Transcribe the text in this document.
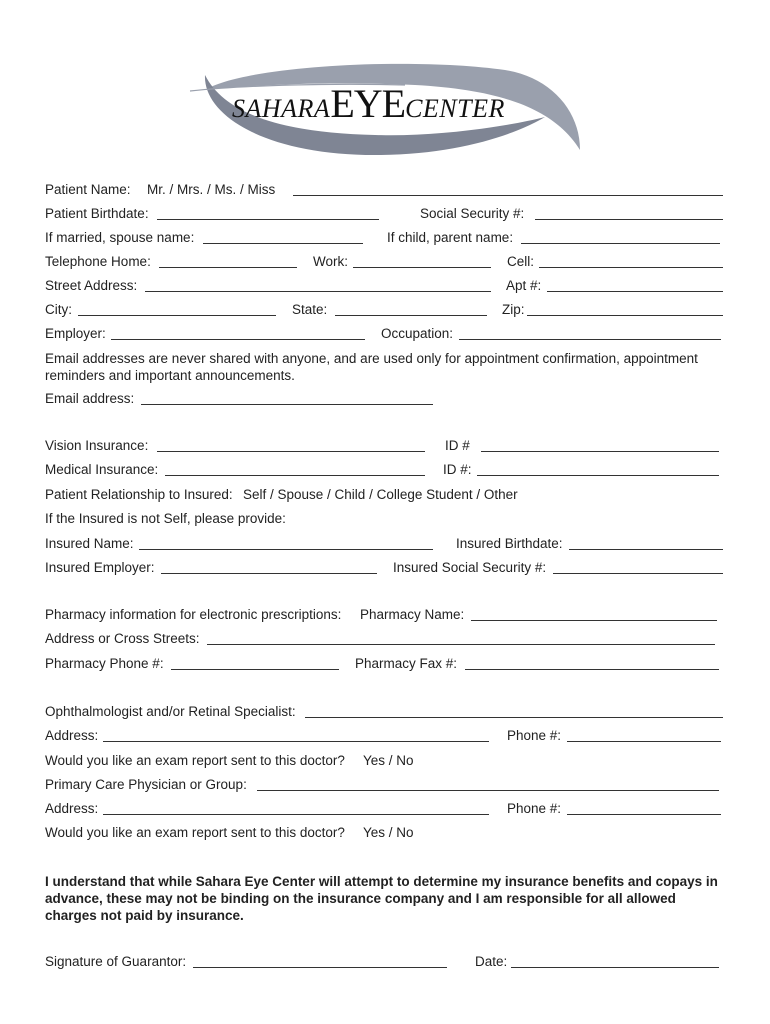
SAHARAEYECENTER
Patient Name: Mr. / Mrs. / Ms. / Miss
Patient Birthdate:	Social Security #:
If married, spouse name:	If child, parent name:
Telephone Home:	Work:	Cell:
Street Address:	Apt #:
City:	State:	Zip:
Employer:	Occupation:
Email addresses are never shared with anyone, and are used only for appointment confirmation, appointment reminders and important announcements.
Email address:
Vision Insurance:	ID #
Medical Insurance:	ID #:
Patient Relationship to Insured: Self / Spouse / Child / College Student / Other
If the Insured is not Self, please provide:
Insured Name:	Insured Birthdate:
Insured Employer:	Insured Social Security #:
Pharmacy information for electronic prescriptions: Pharmacy Name:
Address or Cross Streets:
Pharmacy Phone #:	Pharmacy Fax #:
Ophthalmologist and/or Retinal Specialist:
Address:	Phone #:
Would you like an exam report sent to this doctor? Yes / No
Primary Care Physician or Group:
Address:	Phone #:
Would you like an exam report sent to this doctor? Yes / No
I understand that while Sahara Eye Center will attempt to determine my insurance benefits and copays in advance, these may not be binding on the insurance company and I am responsible for all allowed charges not paid by insurance.
Signature of Guarantor:	Date:
